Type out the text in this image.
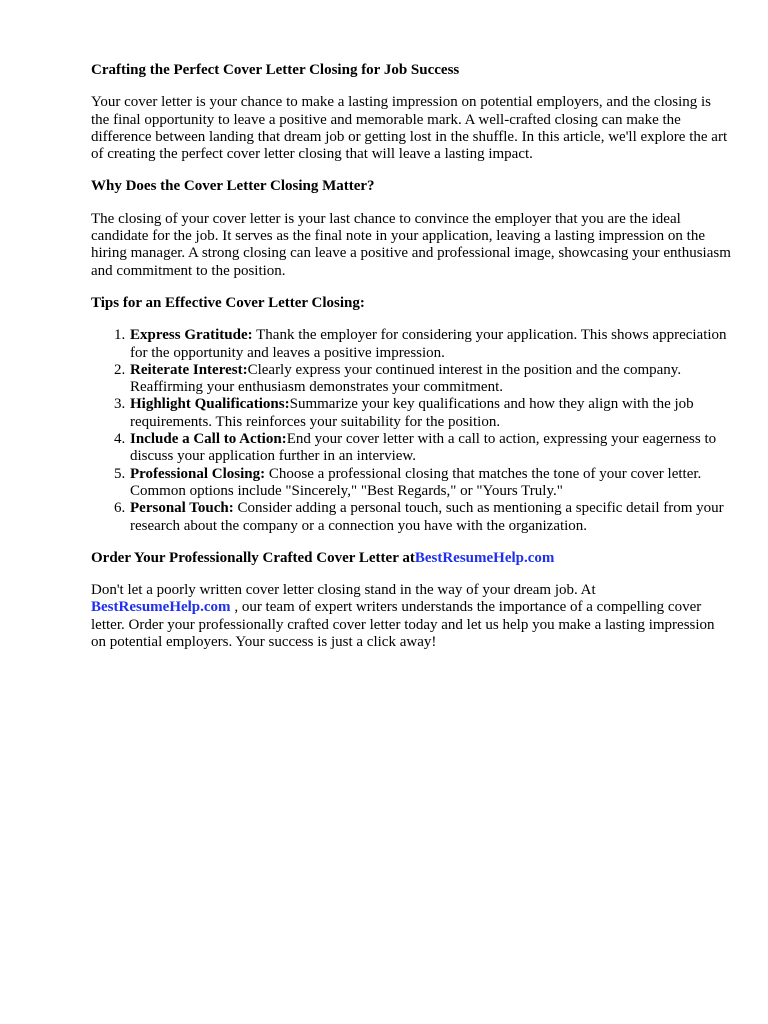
Crafting the Perfect Cover Letter Closing for Job Success

Your cover letter is your chance to make a lasting impression on potential employers, and the closing is the final opportunity to leave a positive and memorable mark. A well-crafted closing can make the difference between landing that dream job or getting lost in the shuffle. In this article, we'll explore the art of creating the perfect cover letter closing that will leave a lasting impact.

Why Does the Cover Letter Closing Matter?

The closing of your cover letter is your last chance to convince the employer that you are the ideal candidate for the job. It serves as the final note in your application, leaving a lasting impression on the hiring manager. A strong closing can leave a positive and professional image, showcasing your enthusiasm and commitment to the position.

Tips for an Effective Cover Letter Closing:
1. Express Gratitude: Thank the employer for considering your application. This shows appreciation for the opportunity and leaves a positive impression.
2. Reiterate Interest:Clearly express your continued interest in the position and the company. Reaffirming your enthusiasm demonstrates your commitment.
3. Highlight Qualifications:Summarize your key qualifications and how they align with the job requirements. This reinforces your suitability for the position.
4. Include a Call to Action:End your cover letter with a call to action, expressing your eagerness to discuss your application further in an interview.
5. Professional Closing: Choose a professional closing that matches the tone of your cover letter. Common options include "Sincerely," "Best Regards," or "Yours Truly."
6. Personal Touch: Consider adding a personal touch, such as mentioning a specific detail from your research about the company or a connection you have with the organization.
Order Your Professionally Crafted Cover Letter atBestResumeHelp.com

Don't let a poorly written cover letter closing stand in the way of your dream job. At BestResumeHelp.com , our team of expert writers understands the importance of a compelling cover letter. Order your professionally crafted cover letter today and let us help you make a lasting impression on potential employers. Your success is just a click away!
